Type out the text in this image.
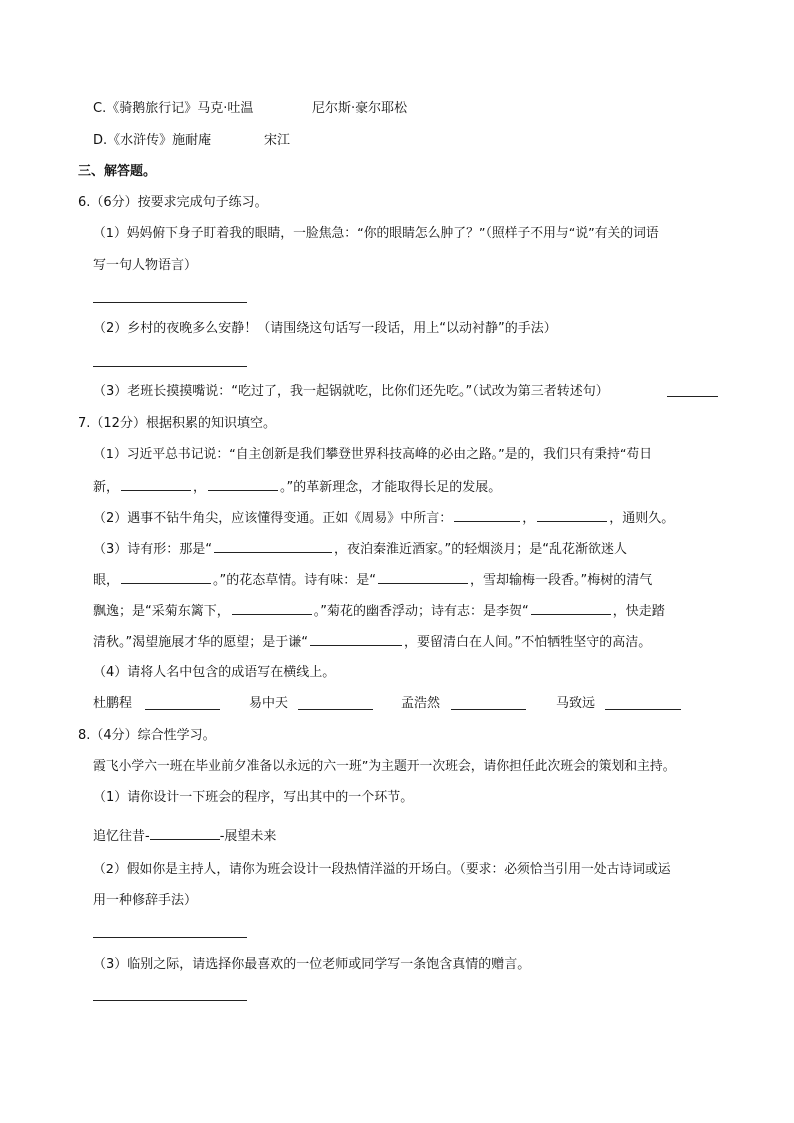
C.《骑鹅旅行记》马克·吐温	尼尔斯·豪尔耶松
D.《水浒传》施耐庵	宋江
三、解答题。
6.（6分）按要求完成句子练习。
（1）妈妈俯下身子盯着我的眼睛，一脸焦急：“你的眼睛怎么肿了？”（照样子不用与“说”有关的词语
写一句人物语言）
（2）乡村的夜晚多么安静！（请围绕这句话写一段话，用上“以动衬静”的手法）
（3）老班长摸摸嘴说：“吃过了，我一起锅就吃，比你们还先吃。”（试改为第三者转述句）
7.（12分）根据积累的知识填空。
（1）习近平总书记说：“自主创新是我们攀登世界科技高峰的必由之路。”是的，我们只有秉持“苟日
新，	，	。”的革新理念，才能取得长足的发展。
（2）遇事不钻牛角尖，应该懂得变通。正如《周易》中所言：	，	，通则久。
（3）诗有形：那是“	，夜泊秦淮近酒家。”的轻烟淡月；是“乱花渐欲迷人
眼，	。”的花态草情。诗有味：是“	，雪却输梅一段香。”梅树的清气
飘逸；是“采菊东篱下，	。”菊花的幽香浮动；诗有志：是李贺“	，快走踏
清秋。”渴望施展才华的愿望；是于谦“	，要留清白在人间。”不怕牺牲坚守的高洁。
（4）请将人名中包含的成语写在横线上。
杜鹏程	易中天	孟浩然	马致远
8.（4分）综合性学习。
霞飞小学六一班在毕业前夕准备以永远的六一班”为主题开一次班会，请你担任此次班会的策划和主持。
（1）请你设计一下班会的程序，写出其中的一个环节。
追忆往昔-	-展望未来
（2）假如你是主持人，请你为班会设计一段热情洋溢的开场白。（要求：必须恰当引用一处古诗词或运
用一种修辞手法）
（3）临别之际，请选择你最喜欢的一位老师或同学写一条饱含真情的赠言。
